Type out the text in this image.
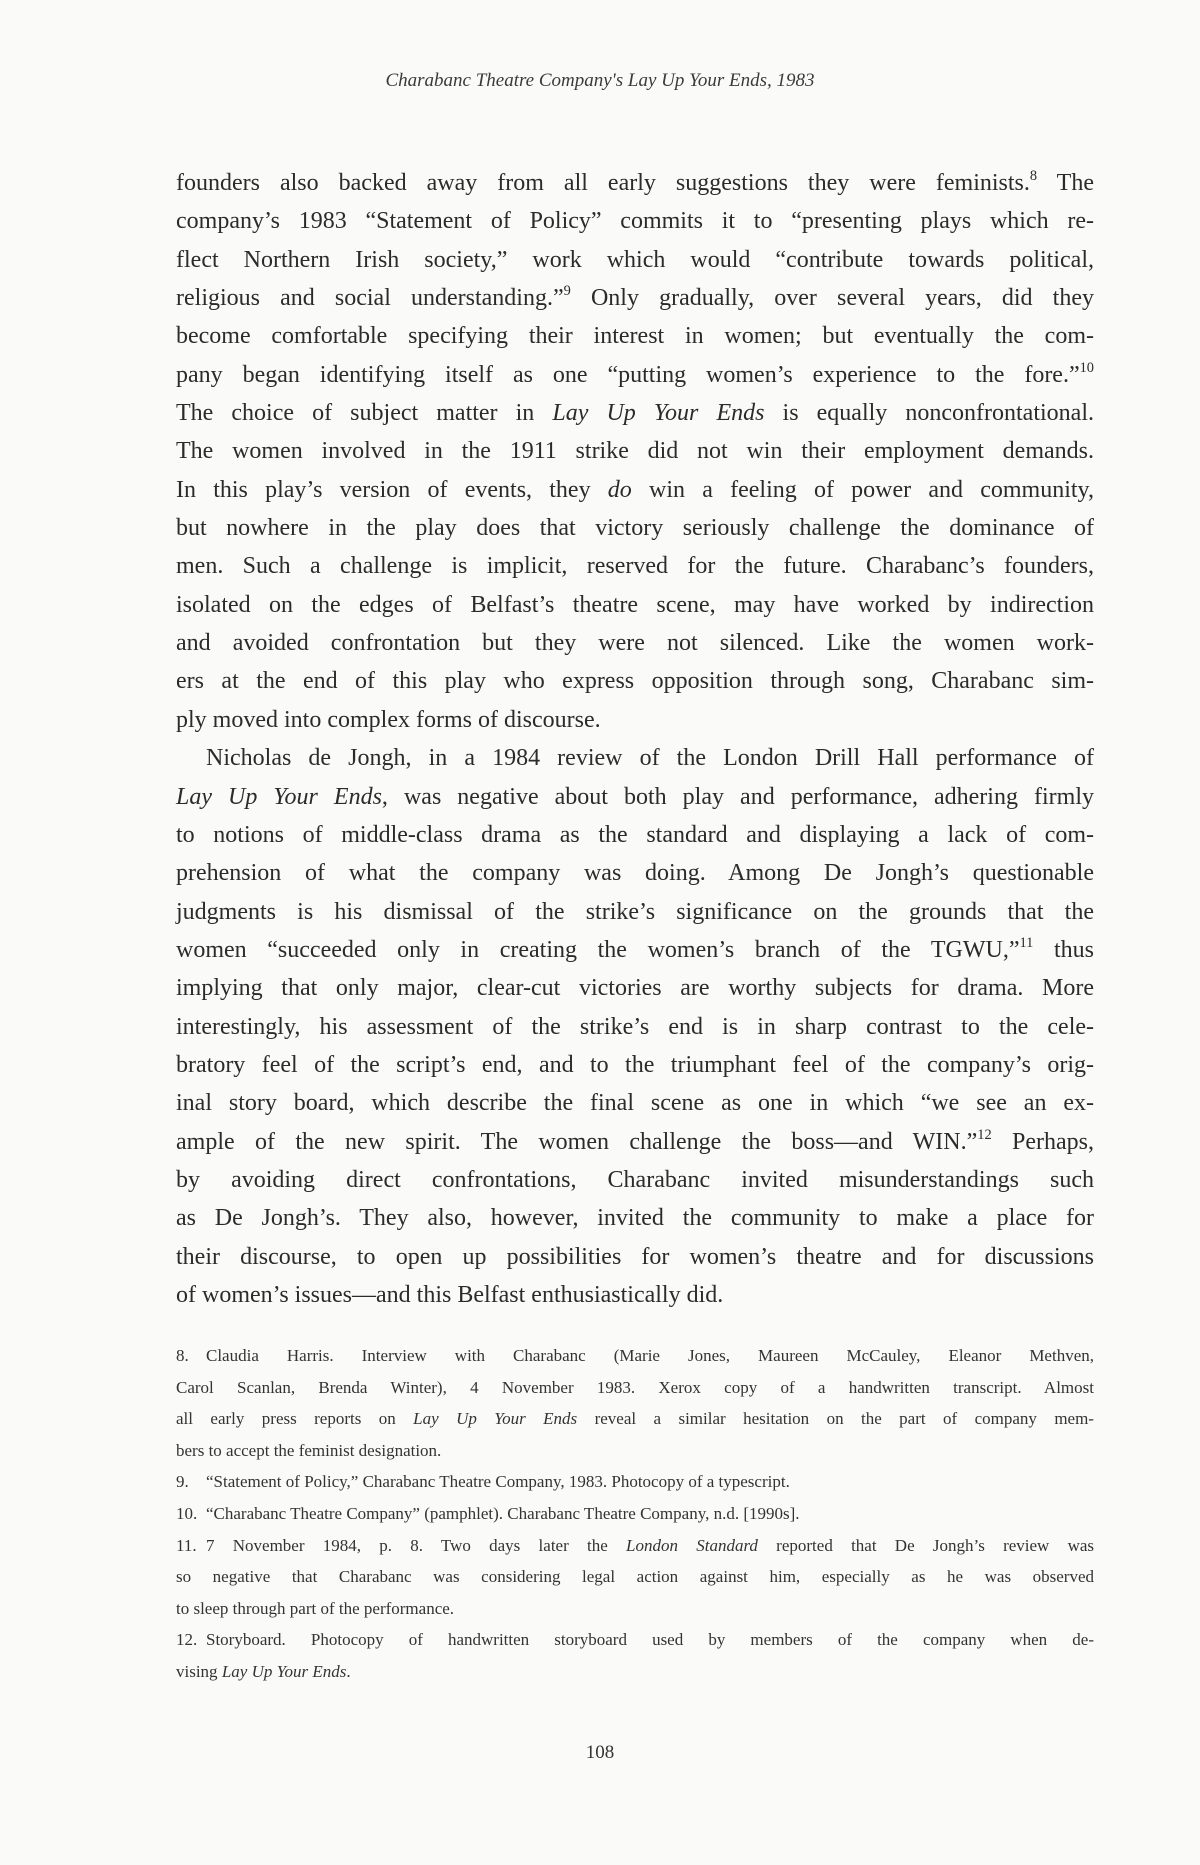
Charabanc Theatre Company's Lay Up Your Ends, 1983
founders also backed away from all early suggestions they were feminists.$^8$ The
company’s 1983 “Statement of Policy” commits it to “presenting plays which re-
flect Northern Irish society,” work which would “contribute towards political,
religious and social understanding.”$^9$ Only gradually, over several years, did they
become comfortable specifying their interest in women; but eventually the com-
pany began identifying itself as one “putting women’s experience to the fore.”$^{10}$
The choice of subject matter in Lay Up Your Ends is equally nonconfrontational.
The women involved in the 1911 strike did not win their employment demands.
In this play’s version of events, they do win a feeling of power and community,
but nowhere in the play does that victory seriously challenge the dominance of
men. Such a challenge is implicit, reserved for the future. Charabanc’s founders,
isolated on the edges of Belfast’s theatre scene, may have worked by indirection
and avoided confrontation but they were not silenced. Like the women work-
ers at the end of this play who express opposition through song, Charabanc sim-
ply moved into complex forms of discourse.
Nicholas de Jongh, in a 1984 review of the London Drill Hall performance of
Lay Up Your Ends, was negative about both play and performance, adhering firmly
to notions of middle-class drama as the standard and displaying a lack of com-
prehension of what the company was doing. Among De Jongh’s questionable
judgments is his dismissal of the strike’s significance on the grounds that the
women “succeeded only in creating the women’s branch of the TGWU,”$^{11}$ thus
implying that only major, clear-cut victories are worthy subjects for drama. More
interestingly, his assessment of the strike’s end is in sharp contrast to the cele-
bratory feel of the script’s end, and to the triumphant feel of the company’s orig-
inal story board, which describe the final scene as one in which “we see an ex-
ample of the new spirit. The women challenge the boss—and WIN.”$^{12}$ Perhaps,
by avoiding direct confrontations, Charabanc invited misunderstandings such
as De Jongh’s. They also, however, invited the community to make a place for
their discourse, to open up possibilities for women’s theatre and for discussions
of women’s issues—and this Belfast enthusiastically did.
8. Claudia Harris. Interview with Charabanc (Marie Jones, Maureen McCauley, Eleanor Methven,
Carol Scanlan, Brenda Winter), 4 November 1983. Xerox copy of a handwritten transcript. Almost
all early press reports on Lay Up Your Ends reveal a similar hesitation on the part of company mem-
bers to accept the feminist designation.
9. “Statement of Policy,” Charabanc Theatre Company, 1983. Photocopy of a typescript.
10. “Charabanc Theatre Company” (pamphlet). Charabanc Theatre Company, n.d. [1990s].
11. 7 November 1984, p. 8. Two days later the London Standard reported that De Jongh’s review was
so negative that Charabanc was considering legal action against him, especially as he was observed
to sleep through part of the performance.
12. Storyboard. Photocopy of handwritten storyboard used by members of the company when de-
vising Lay Up Your Ends.
108
